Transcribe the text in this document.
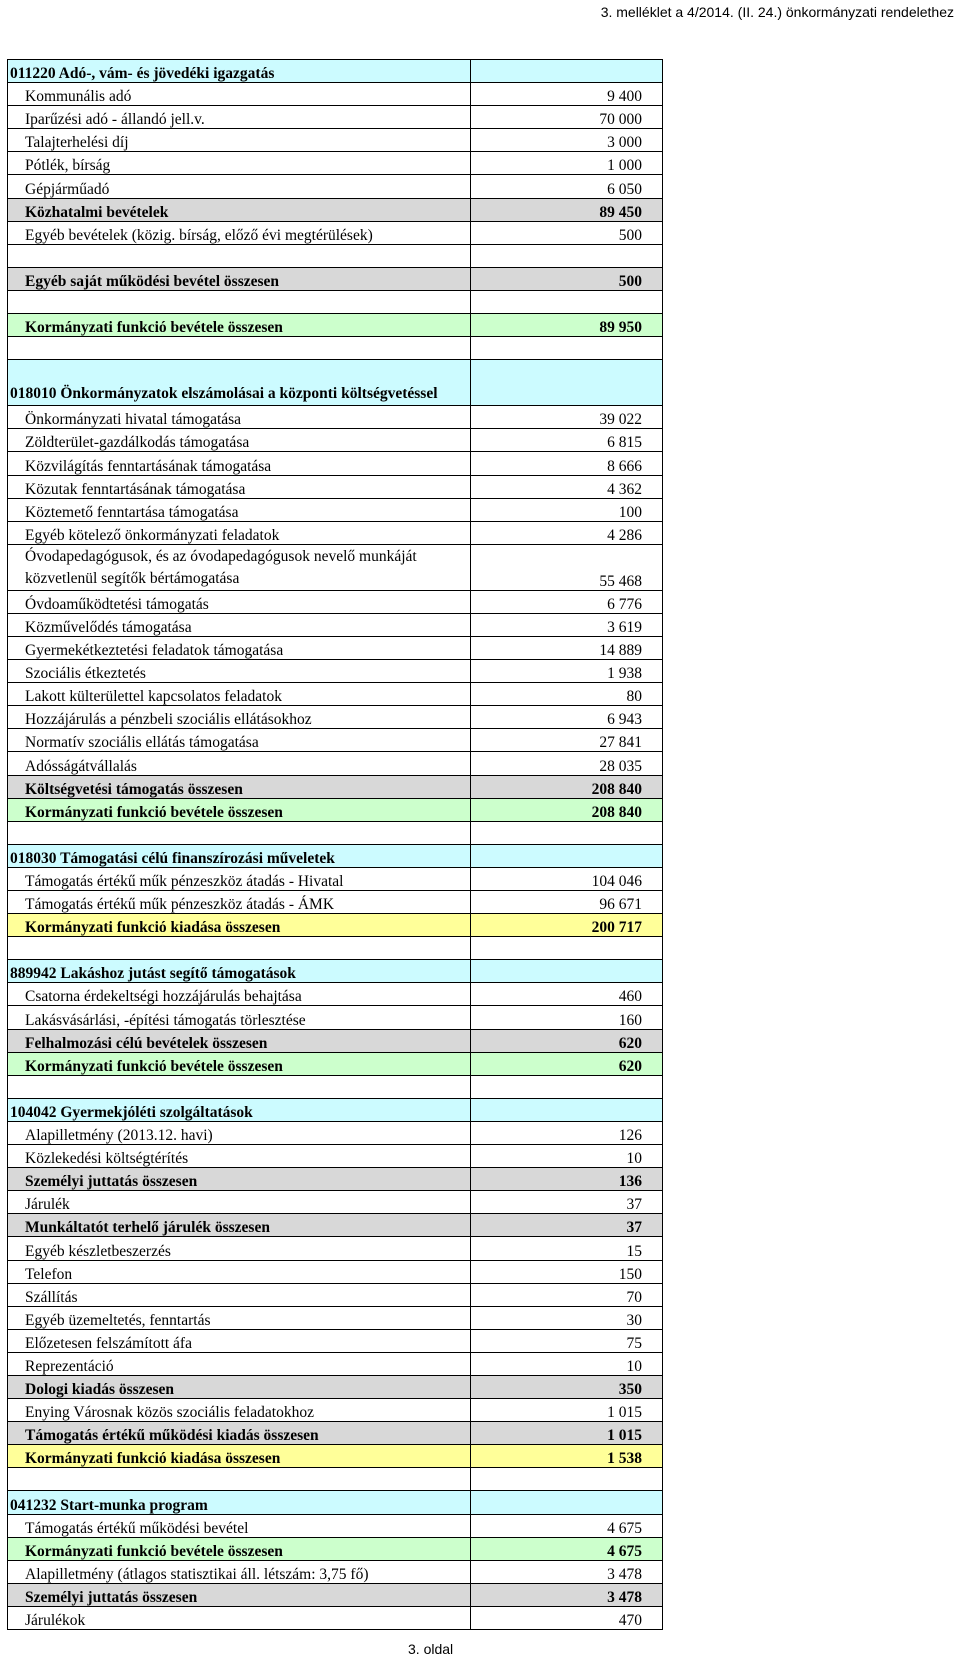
3. melléklet a 4/2014. (II. 24.) önkormányzati rendelethez
011220 Adó-, vám- és jövedéki igazgatás	
Kommunális adó	9 400
Iparűzési adó - állandó jell.v.	70 000
Talajterhelési díj	3 000
Pótlék, bírság	1 000
Gépjárműadó	6 050
Közhatalmi bevételek	89 450
Egyéb bevételek (közig. bírság, előző évi megtérülések)	500

Egyéb saját működési bevétel összesen	500

Kormányzati funkció bevétele összesen	89 950

018010 Önkormányzatok elszámolásai a központi költségvetéssel	
Önkormányzati hivatal támogatása	39 022
Zöldterület-gazdálkodás támogatása	6 815
Közvilágítás fenntartásának támogatása	8 666
Közutak fenntartásának támogatása	4 362
Köztemető fenntartása támogatása	100
Egyéb kötelező önkormányzati feladatok	4 286
Óvodapedagógusok, és az óvodapedagógusok nevelő munkáját közvetlenül segítők bértámogatása	55 468
Óvdoaműködtetési támogatás	6 776
Közművelődés támogatása	3 619
Gyermekétkeztetési feladatok támogatása	14 889
Szociális étkeztetés	1 938
Lakott külterülettel kapcsolatos feladatok	80
Hozzájárulás a pénzbeli szociális ellátásokhoz	6 943
Normatív szociális ellátás támogatása	27 841
Adósságátvállalás	28 035
Költségvetési támogatás összesen	208 840
Kormányzati funkció bevétele összesen	208 840

018030 Támogatási célú finanszírozási műveletek	
Támogatás értékű műk pénzeszköz átadás - Hivatal	104 046
Támogatás értékű műk pénzeszköz átadás - ÁMK	96 671
Kormányzati funkció kiadása összesen	200 717

889942 Lakáshoz jutást segítő támogatások	
Csatorna érdekeltségi hozzájárulás behajtása	460
Lakásvásárlási, -építési támogatás törlesztése	160
Felhalmozási célú bevételek összesen	620
Kormányzati funkció bevétele összesen	620

104042 Gyermekjóléti szolgáltatások	
Alapilletmény (2013.12. havi)	126
Közlekedési költségtérítés	10
Személyi juttatás összesen	136
Járulék	37
Munkáltatót terhelő járulék összesen	37
Egyéb készletbeszerzés	15
Telefon	150
Szállítás	70
Egyéb üzemeltetés, fenntartás	30
Előzetesen felszámított áfa	75
Reprezentáció	10
Dologi kiadás összesen	350
Enying Városnak közös szociális feladatokhoz	1 015
Támogatás értékű működési kiadás összesen	1 015
Kormányzati funkció kiadása összesen	1 538

041232 Start-munka program	
Támogatás értékű működési bevétel	4 675
Kormányzati funkció bevétele összesen	4 675
Alapilletmény (átlagos statisztikai áll. létszám: 3,75 fő)	3 478
Személyi juttatás összesen	3 478
Járulékok	470
3. oldal
